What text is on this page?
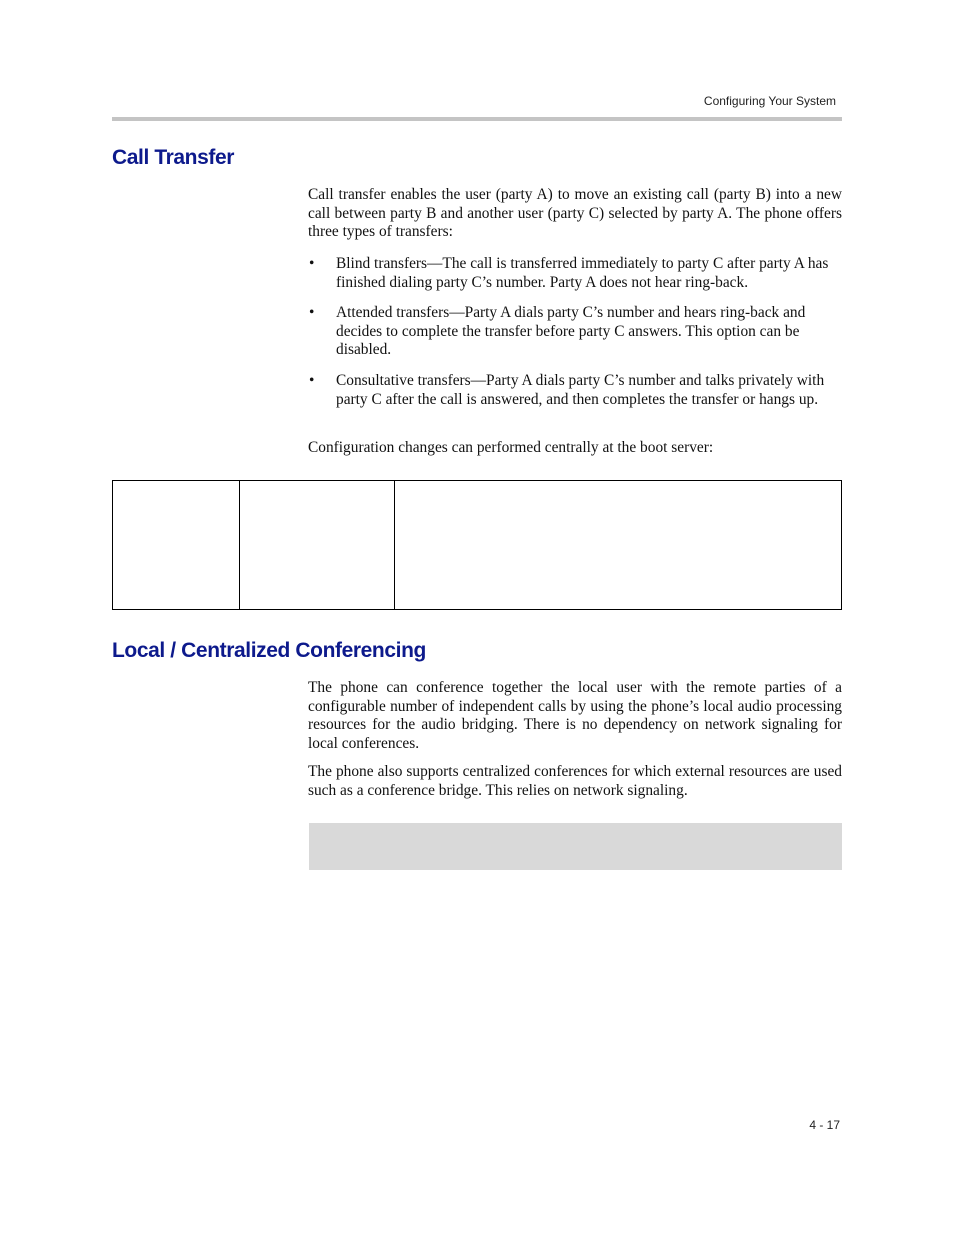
Configuring Your System
Call Transfer

Call transfer enables the user (party A) to move an existing call (party B) into a new call between party B and another user (party C) selected by party A. The phone offers three types of transfers:

• Blind transfers—The call is transferred immediately to party C after party A has finished dialing party C’s number. Party A does not hear ring-back.
• Attended transfers—Party A dials party C’s number and hears ring-back and decides to complete the transfer before party C answers. This option can be disabled.
• Consultative transfers—Party A dials party C’s number and talks privately with party C after the call is answered, and then completes the transfer or hangs up.

Configuration changes can performed centrally at the boot server:

Local / Centralized Conferencing

The phone can conference together the local user with the remote parties of a configurable number of independent calls by using the phone’s local audio processing resources for the audio bridging. There is no dependency on network signaling for local conferences.

The phone also supports centralized conferences for which external resources are used such as a conference bridge. This relies on network signaling.

4 - 17
